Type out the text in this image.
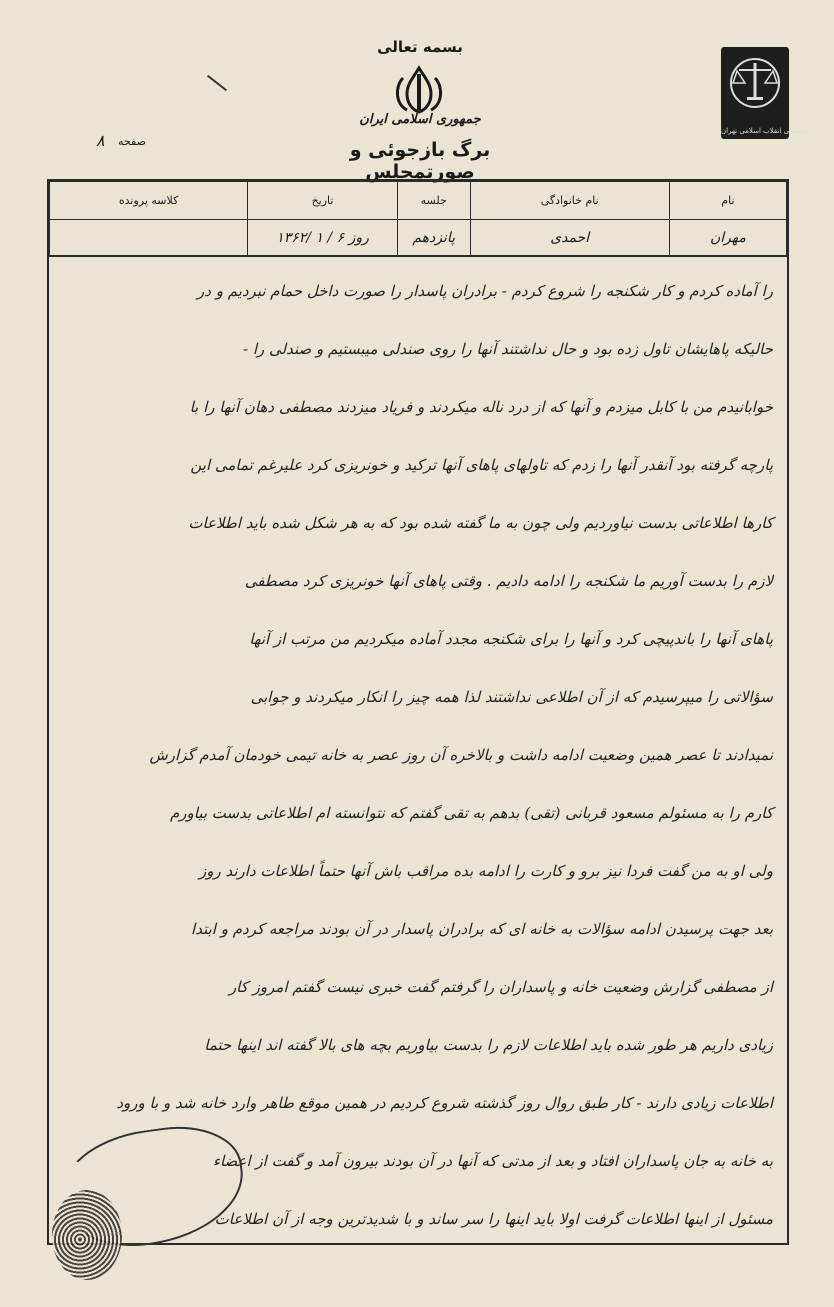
بسمه تعالی
جمهوری اسلامی ایران
برگ بازجوئی و صورتمجلس
دادستانی انقلاب اسلامی تهران
صفحه
۸
کلاسه پرونده	تاریخ	جلسه	نام خانوادگی	نام
	روز ۶ / ۱ /۱۳۶۲	پانزدهم	احمدی	مهران
را آماده کردم و کار شکنجه را شروع کردم - برادران پاسدار را صورت داخل حمام نبردیم و در
حالیکه پاهایشان تاول زده بود و حال نداشتند آنها را روی صندلی میبستیم و صندلی را -
خوابانیدم من با کابل میزدم و آنها که از درد ناله میکردند و فریاد میزدند مصطفی دهان آنها را با
پارچه گرفته بود آنقدر آنها را زدم که تاولهای پاهای آنها ترکید و خونریزی کرد علیرغم تمامی این
کارها اطلاعاتی بدست نیاوردیم ولی چون به ما گفته شده بود که به هر شکل شده باید اطلاعات
لازم را بدست آوریم ما شکنجه را ادامه دادیم . وقتی پاهای آنها خونریزی کرد مصطفی
پاهای آنها را باندپیچی کرد و آنها را برای شکنجه مجدد آماده میکردیم من مرتب از آنها
سؤالاتی را میپرسیدم که از آن اطلاعی نداشتند لذا همه چیز را انکار میکردند و جوابی
نمیدادند تا عصر همین وضعیت ادامه داشت و بالاخره آن روز عصر به خانه تیمی خودمان آمدم گزارش
کارم را به مسئولم مسعود قربانی (تقی) بدهم به تقی گفتم که نتوانسته ام اطلاعاتی بدست بیاورم
ولی او به من گفت فردا نیز برو و کارت را ادامه بده مراقب باش آنها حتماً اطلاعات دارند روز
بعد جهت پرسیدن ادامه سؤالات به خانه ای که برادران پاسدار در آن بودند مراجعه کردم و ابتدا
از مصطفی گزارش وضعیت خانه و پاسداران را گرفتم گفت خبری نیست گفتم امروز کار
زیادی داریم هر طور شده باید اطلاعات لازم را بدست بیاوریم بچه های بالا گفته اند اینها حتما
اطلاعات زیادی دارند - کار طبق روال روز گذشته شروع کردیم در همین موقع طاهر وارد خانه شد و با ورود
به خانه به جان پاسداران افتاد و بعد از مدتی که آنها در آن بودند بیرون آمد و گفت از اعضاء
مسئول از اینها اطلاعات گرفت اولا باید اینها را سر ساند و با شدیدترین وجه از آن اطلاعات
